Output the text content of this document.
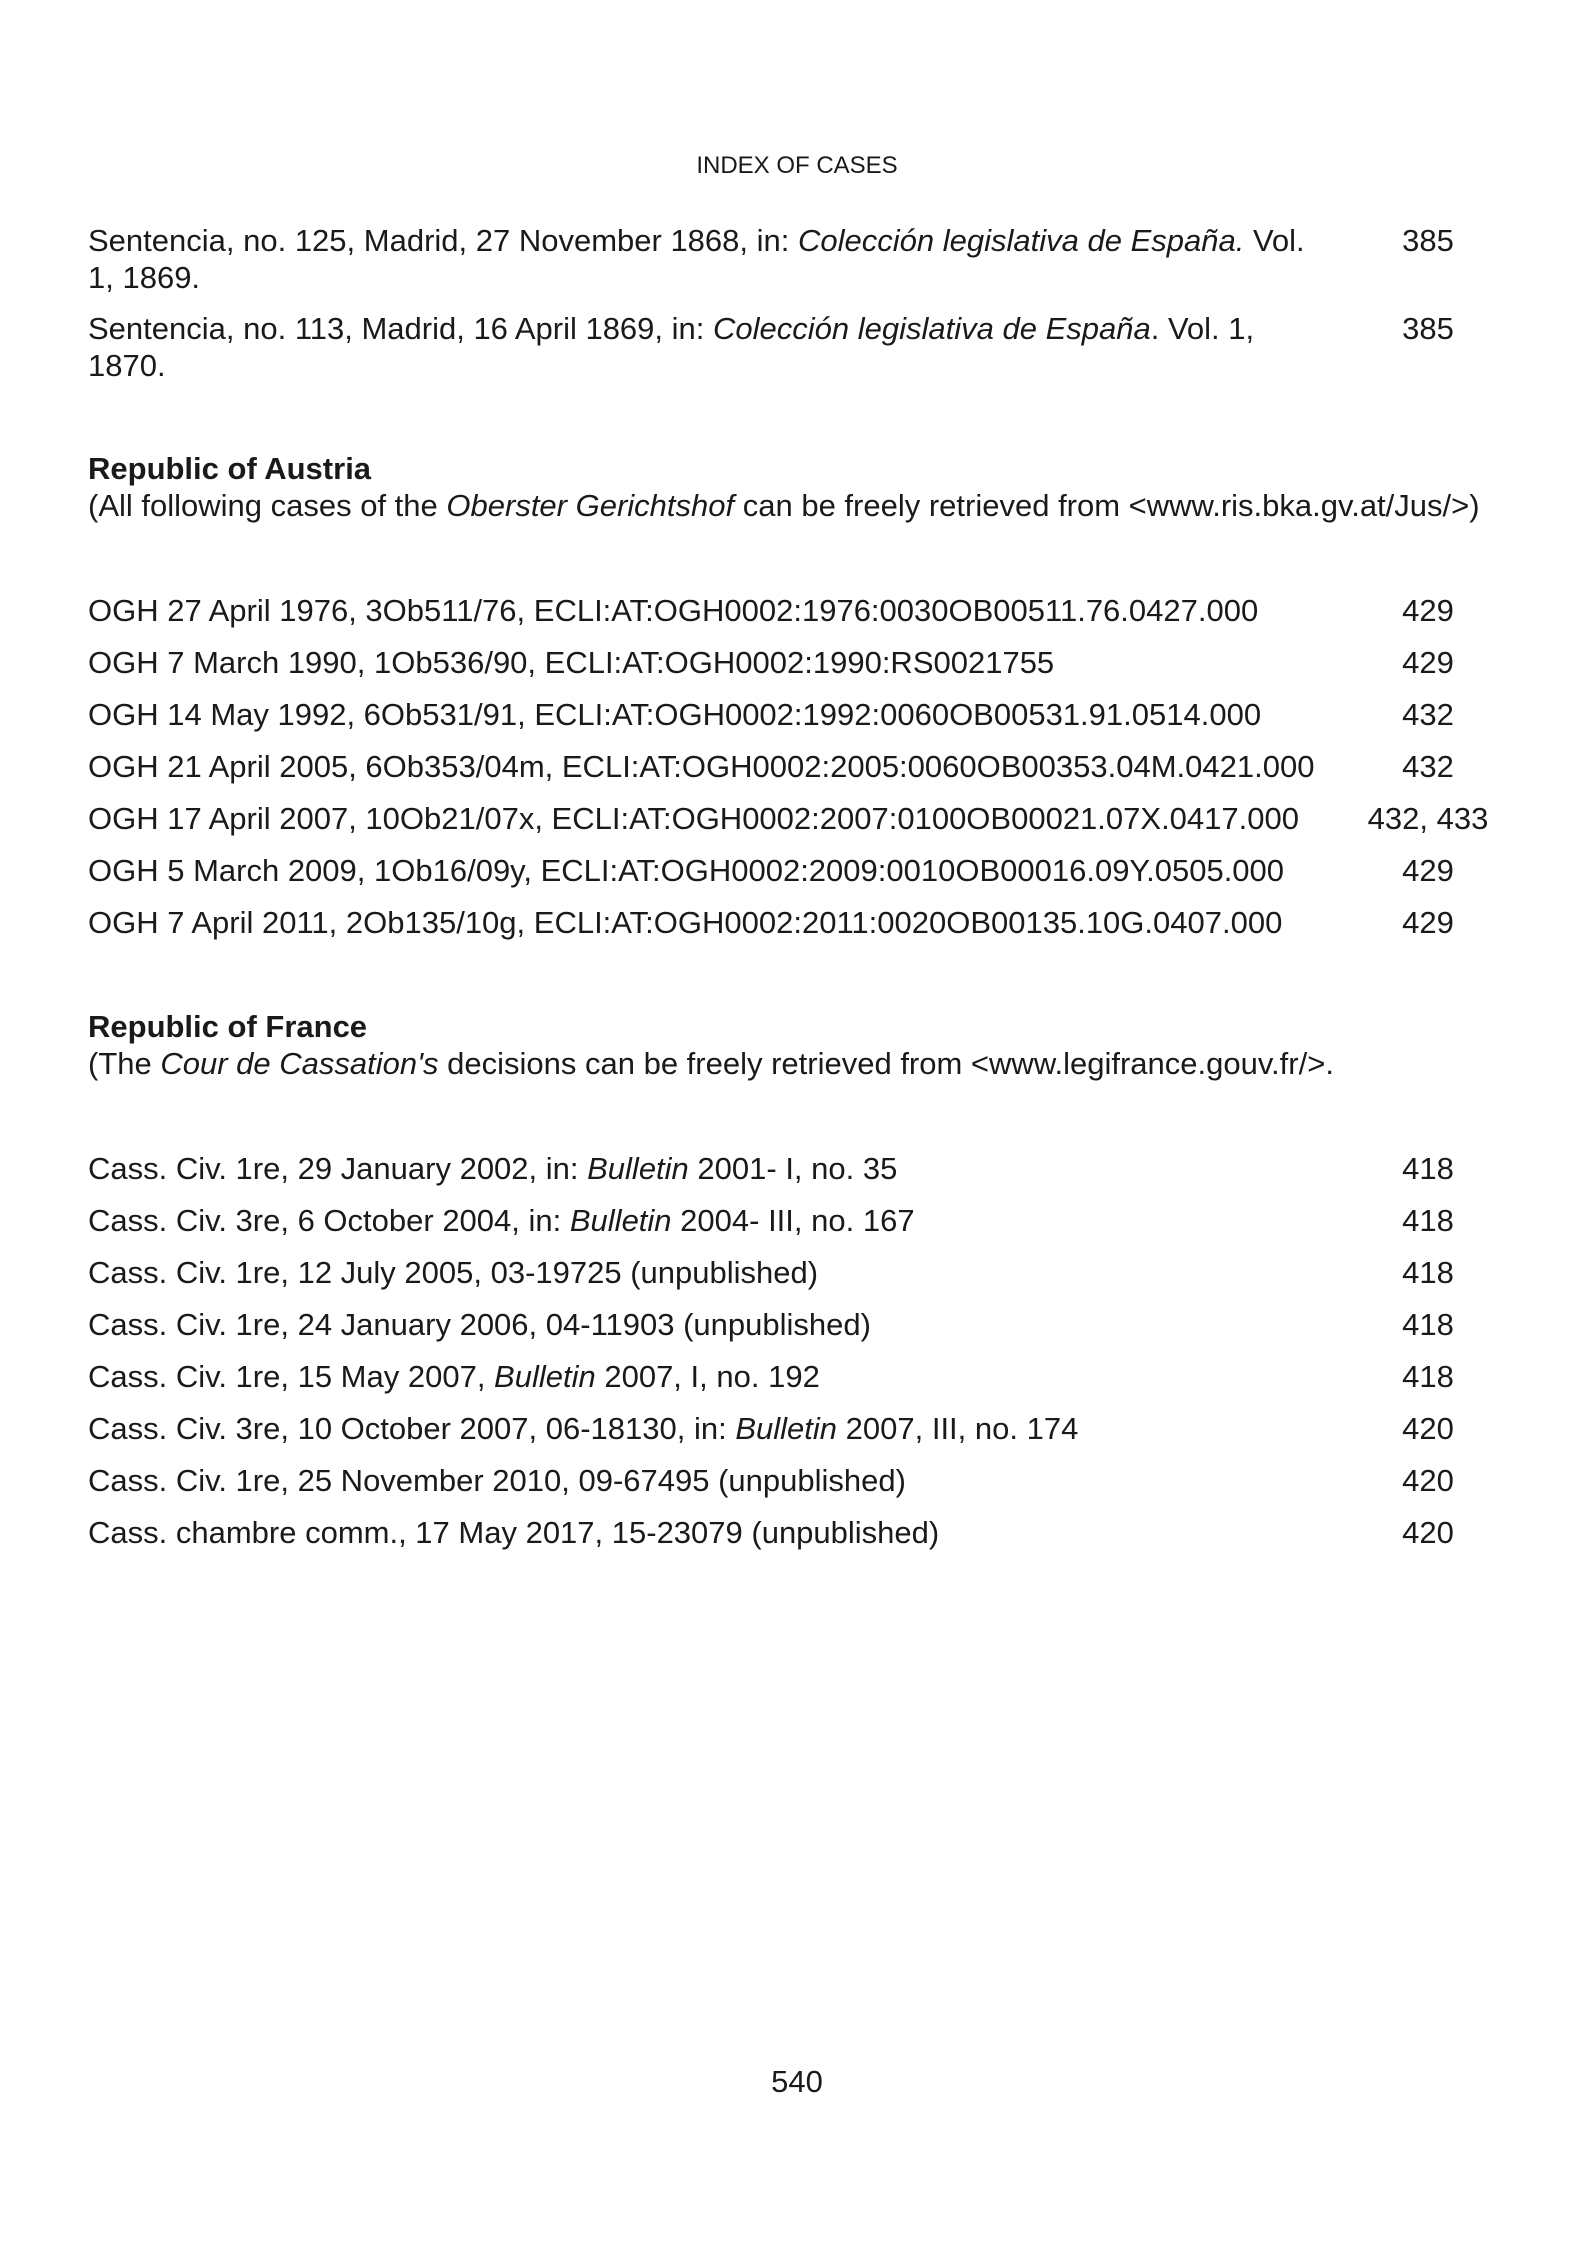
INDEX OF CASES
Sentencia, no. 125, Madrid, 27 November 1868, in: Colección legislativa de España. Vol. 1, 1869.
385
Sentencia, no. 113, Madrid, 16 April 1869, in: Colección legislativa de España. Vol. 1, 1870.
385
Republic of Austria
(All following cases of the Oberster Gerichtshof can be freely retrieved from <www.ris.bka.gv.at/Jus/>)
OGH 27 April 1976, 3Ob511/76, ECLI:AT:OGH0002:1976:0030OB00511.76.0427.000	429
OGH 7 March 1990, 1Ob536/90, ECLI:AT:OGH0002:1990:RS0021755	429
OGH 14 May 1992, 6Ob531/91, ECLI:AT:OGH0002:1992:0060OB00531.91.0514.000	432
OGH 21 April 2005, 6Ob353/04m, ECLI:AT:OGH0002:2005:0060OB00353.04M.0421.000	432
OGH 17 April 2007, 10Ob21/07x, ECLI:AT:OGH0002:2007:0100OB00021.07X.0417.000	432, 433
OGH 5 March 2009, 1Ob16/09y, ECLI:AT:OGH0002:2009:0010OB00016.09Y.0505.000	429
OGH 7 April 2011, 2Ob135/10g, ECLI:AT:OGH0002:2011:0020OB00135.10G.0407.000	429
Republic of France
(The Cour de Cassation's decisions can be freely retrieved from <www.legifrance.gouv.fr/>.
Cass. Civ. 1re, 29 January 2002, in: Bulletin 2001- I, no. 35	418
Cass. Civ. 3re, 6 October 2004, in: Bulletin 2004- III, no. 167	418
Cass. Civ. 1re, 12 July 2005, 03-19725 (unpublished)	418
Cass. Civ. 1re, 24 January 2006, 04-11903 (unpublished)	418
Cass. Civ. 1re, 15 May 2007, Bulletin 2007, I, no. 192	418
Cass. Civ. 3re, 10 October 2007, 06-18130, in: Bulletin 2007, III, no. 174	420
Cass. Civ. 1re, 25 November 2010, 09-67495 (unpublished)	420
Cass. chambre comm., 17 May 2017, 15-23079 (unpublished)	420
540
